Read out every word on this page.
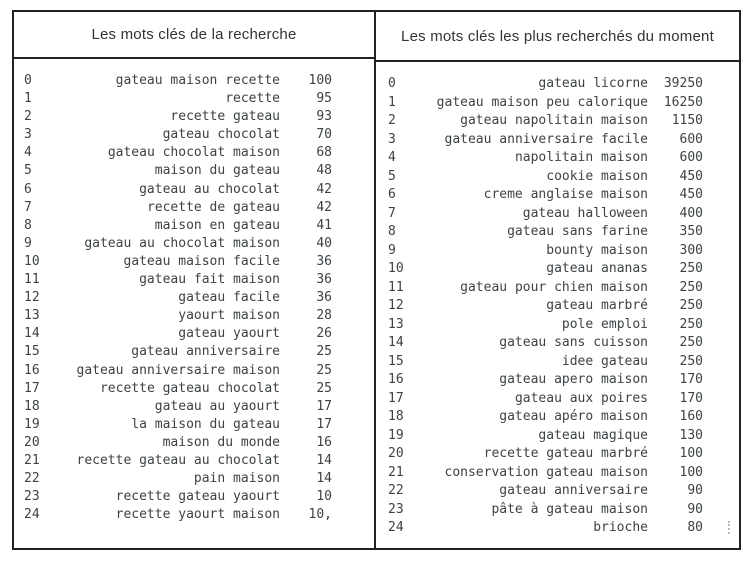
Les mots clés de la recherche
0	gateau maison recette	100
1	recette	95
2	recette gateau	93
3	gateau chocolat	70
4	gateau chocolat maison	68
5	maison du gateau	48
6	gateau au chocolat	42
7	recette de gateau	42
8	maison en gateau	41
9	gateau au chocolat maison	40
10	gateau maison facile	36
11	gateau fait maison	36
12	gateau facile	36
13	yaourt maison	28
14	gateau yaourt	26
15	gateau anniversaire	25
16	gateau anniversaire maison	25
17	recette gateau chocolat	25
18	gateau au yaourt	17
19	la maison du gateau	17
20	maison du monde	16
21	recette gateau au chocolat	14
22	pain maison	14
23	recette gateau yaourt	10
24	recette yaourt maison	10,
Les mots clés les plus recherchés du moment
0	gateau licorne	39250
1	gateau maison peu calorique	16250
2	gateau napolitain maison	1150
3	gateau anniversaire facile	600
4	napolitain maison	600
5	cookie maison	450
6	creme anglaise maison	450
7	gateau halloween	400
8	gateau sans farine	350
9	bounty maison	300
10	gateau ananas	250
11	gateau pour chien maison	250
12	gateau marbré	250
13	pole emploi	250
14	gateau sans cuisson	250
15	idee gateau	250
16	gateau apero maison	170
17	gateau aux poires	170
18	gateau apéro maison	160
19	gateau magique	130
20	recette gateau marbré	100
21	conservation gateau maison	100
22	gateau anniversaire	90
23	pâte à gateau maison	90
24	brioche	80
